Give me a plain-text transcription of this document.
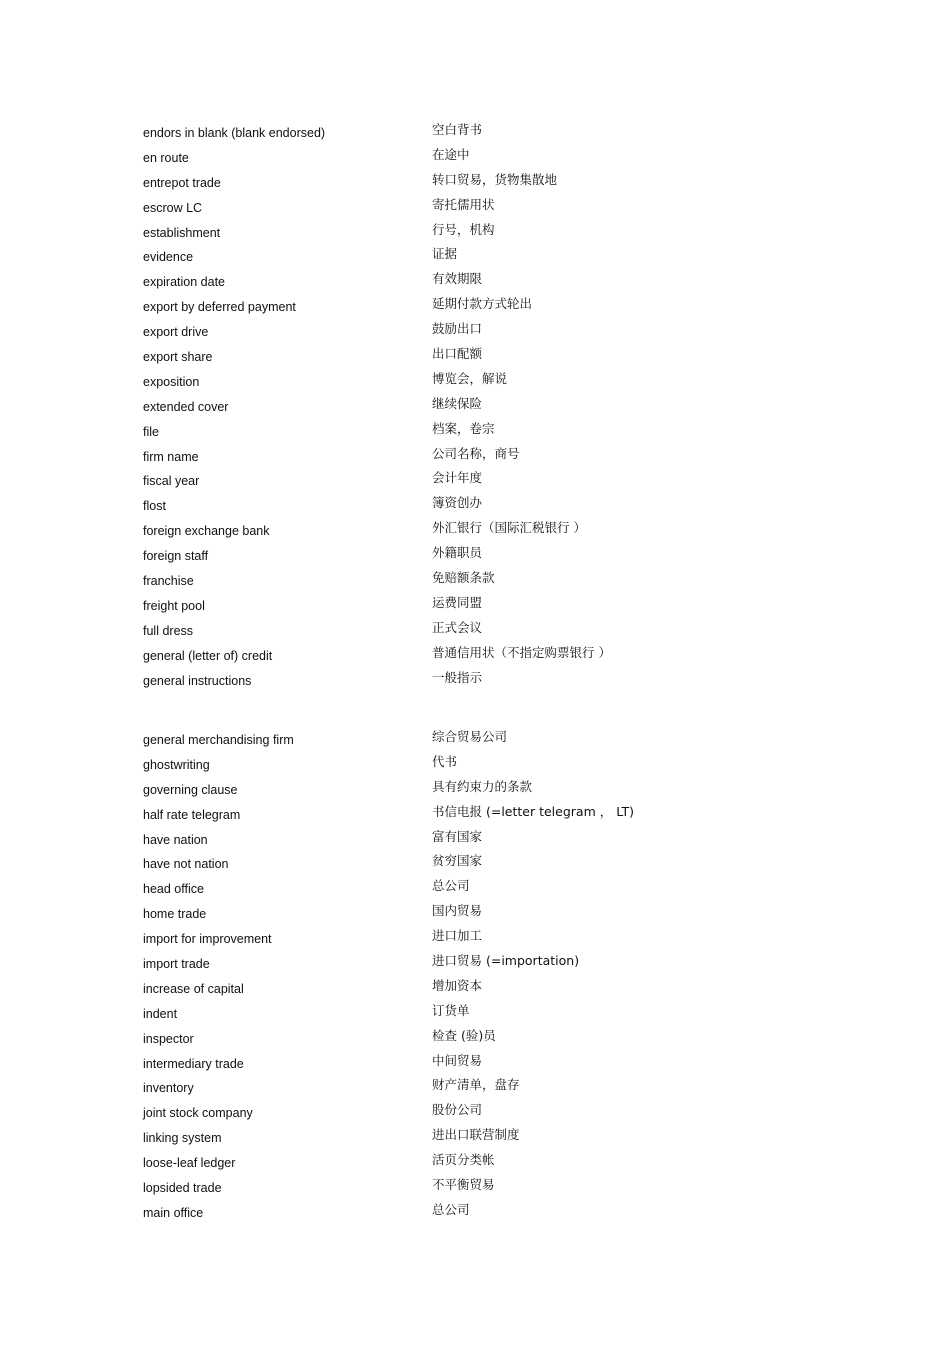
endors in blank (blank endorsed)	空白背书
en route	在途中
entrepot trade	转口贸易，货物集散地
escrow LC	寄托儒用状
establishment	行号，机构
evidence	证据
expiration date	有效期限
export by deferred payment	延期付款方式轮出
export drive	鼓励出口
export share	出口配额
exposition	博览会，解说
extended cover	继续保险
file	档案，卷宗
firm name	公司名称，商号
fiscal year	会计年度
flost	簿资创办
foreign exchange bank	外汇银行（国际汇税银行 ）
foreign staff	外籍职员
franchise	免赔额条款
freight pool	运费同盟
full dress	正式会议
general (letter of) credit	普通信用状（不指定购票银行 ）
general instructions	一般指示
general merchandising firm	综合贸易公司
ghostwriting	代书
governing clause	具有约束力的条款
half rate telegram	书信电报 (=letter telegram ， LT)
have nation	富有国家
have not nation	贫穷国家
head office	总公司
home trade	国内贸易
import for improvement	进口加工
import trade	进口贸易 (=importation)
increase of capital	增加资本
indent	订货单
inspector	检查 (验)员
intermediary trade	中间贸易
inventory	财产清单，盘存
joint stock company	股份公司
linking system	进出口联营制度
loose-leaf ledger	活页分类帐
lopsided trade	不平衡贸易
main office	总公司
